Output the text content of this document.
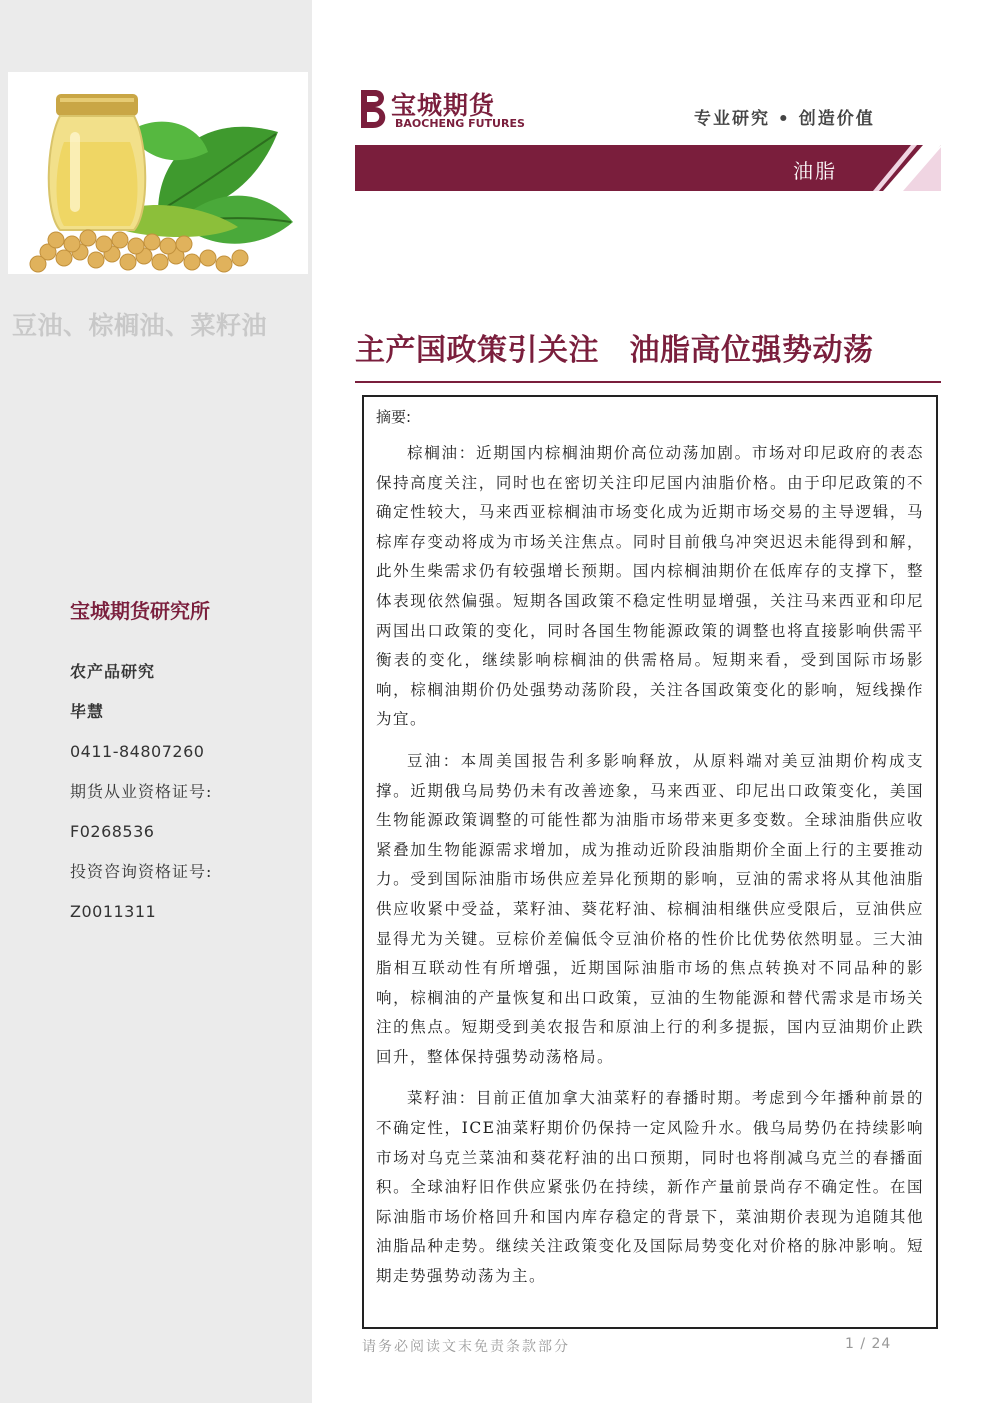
豆油、棕榈油、菜籽油
宝城期货研究所
农产品研究
毕慧
0411-84807260
期货从业资格证号:
F0268536
投资咨询资格证号:
Z0011311
宝城期货
BAOCHENG FUTURES	专业研究 • 创造价值
油脂
主产国政策引关注　油脂高位强势动荡
摘要:

棕榈油：近期国内棕榈油期价高位动荡加剧。市场对印尼政府的表态保持高度关注，同时也在密切关注印尼国内油脂价格。由于印尼政策的不确定性较大，马来西亚棕榈油市场变化成为近期市场交易的主导逻辑，马棕库存变动将成为市场关注焦点。同时目前俄乌冲突迟迟未能得到和解，此外生柴需求仍有较强增长预期。国内棕榈油期价在低库存的支撑下，整体表现依然偏强。短期各国政策不稳定性明显增强，关注马来西亚和印尼两国出口政策的变化，同时各国生物能源政策的调整也将直接影响供需平衡表的变化，继续影响棕榈油的供需格局。短期来看，受到国际市场影响，棕榈油期价仍处强势动荡阶段，关注各国政策变化的影响，短线操作为宜。

豆油：本周美国报告利多影响释放，从原料端对美豆油期价构成支撑。近期俄乌局势仍未有改善迹象，马来西亚、印尼出口政策变化，美国生物能源政策调整的可能性都为油脂市场带来更多变数。全球油脂供应收紧叠加生物能源需求增加，成为推动近阶段油脂期价全面上行的主要推动力。受到国际油脂市场供应差异化预期的影响，豆油的需求将从其他油脂供应收紧中受益，菜籽油、葵花籽油、棕榈油相继供应受限后，豆油供应显得尤为关键。豆棕价差偏低令豆油价格的性价比优势依然明显。三大油脂相互联动性有所增强，近期国际油脂市场的焦点转换对不同品种的影响，棕榈油的产量恢复和出口政策，豆油的生物能源和替代需求是市场关注的焦点。短期受到美农报告和原油上行的利多提振，国内豆油期价止跌回升，整体保持强势动荡格局。

菜籽油：目前正值加拿大油菜籽的春播时期。考虑到今年播种前景的不确定性，ICE油菜籽期价仍保持一定风险升水。俄乌局势仍在持续影响市场对乌克兰菜油和葵花籽油的出口预期，同时也将削减乌克兰的春播面积。全球油籽旧作供应紧张仍在持续，新作产量前景尚存不确定性。在国际油脂市场价格回升和国内库存稳定的背景下，菜油期价表现为追随其他油脂品种走势。继续关注政策变化及国际局势变化对价格的脉冲影响。短期走势强势动荡为主。

请务必阅读文末免责条款部分	1 / 24
